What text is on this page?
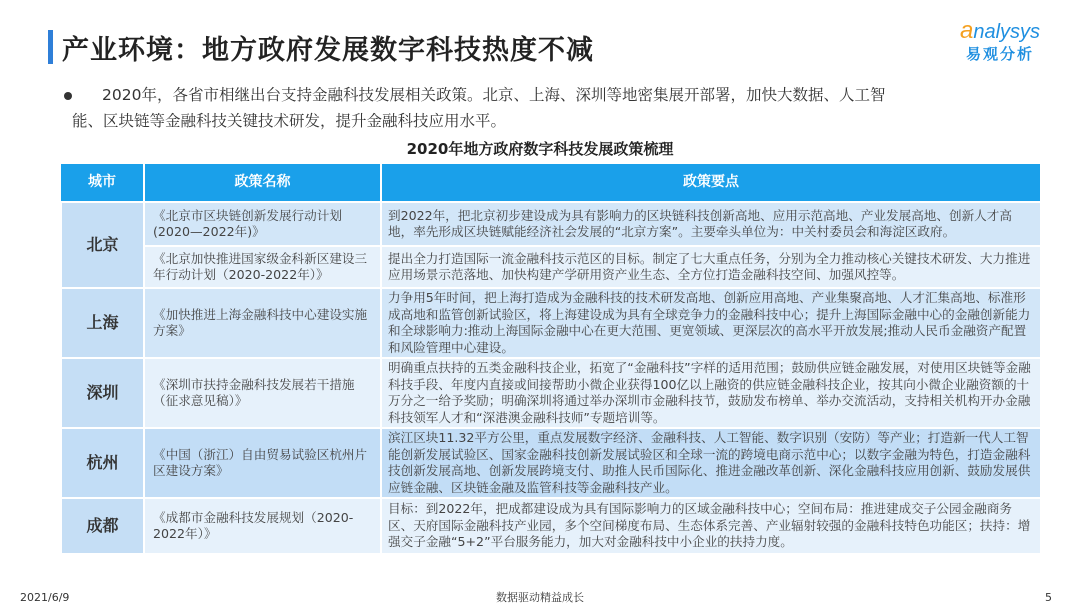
产业环境：地方政府发展数字科技热度不减
analysys
易观分析
2020年，各省市相继出台支持金融科技发展相关政策。北京、上海、深圳等地密集展开部署，加快大数据、人工智
能、区块链等金融科技关键技术研发，提升金融科技应用水平。
2020年地方政府数字科技发展政策梳理
城市	政策名称	政策要点
北京	《北京市区块链创新发展行动计划(2020—2022年)》	到2022年，把北京初步建设成为具有影响力的区块链科技创新高地、应用示范高地、产业发展高地、创新人才高地，率先形成区块链赋能经济社会发展的“北京方案”。主要牵头单位为：中关村委员会和海淀区政府。
	《北京加快推进国家级金科新区建设三年行动计划（2020-2022年）》	提出全力打造国际一流金融科技示范区的目标。制定了七大重点任务，分别为全力推动核心关键技术研发、大力推进应用场景示范落地、加快构建产学研用资产业生态、全方位打造金融科技空间、加强风控等。
上海	《加快推进上海金融科技中心建设实施方案》	力争用5年时间，把上海打造成为金融科技的技术研发高地、创新应用高地、产业集聚高地、人才汇集高地、标准形成高地和监管创新试验区，将上海建设成为具有全球竞争力的金融科技中心；提升上海国际金融中心的金融创新能力和全球影响力:推动上海国际金融中心在更大范围、更宽领域、更深层次的高水平开放发展;推动人民币金融资产配置和风险管理中心建设。
深圳	《深圳市扶持金融科技发展若干措施（征求意见稿）》	明确重点扶持的五类金融科技企业，拓宽了“金融科技”字样的适用范围；鼓励供应链金融发展，对使用区块链等金融科技手段、年度内直接或间接帮助小微企业获得100亿以上融资的供应链金融科技企业，按其向小微企业融资额的十万分之一给予奖励；明确深圳将通过举办深圳市金融科技节，鼓励发布榜单、举办交流活动，支持相关机构开办金融科技领军人才和“深港澳金融科技师”专题培训等。
杭州	《中国（浙江）自由贸易试验区杭州片区建设方案》	滨江区块11.32平方公里，重点发展数字经济、金融科技、人工智能、数字识别（安防）等产业；打造新一代人工智能创新发展试验区、国家金融科技创新发展试验区和全球一流的跨境电商示范中心；以数字金融为特色，打造金融科技创新发展高地、创新发展跨境支付、助推人民币国际化、推进金融改革创新、深化金融科技应用创新、鼓励发展供应链金融、区块链金融及监管科技等金融科技产业。
成都	《成都市金融科技发展规划（2020-2022年）》	目标：到2022年，把成都建设成为具有国际影响力的区域金融科技中心；空间布局：推进建成交子公园金融商务区、天府国际金融科技产业园，多个空间梯度布局、生态体系完善、产业辐射较强的金融科技特色功能区；扶持：增强交子金融“5+2”平台服务能力，加大对金融科技中小企业的扶持力度。
2021/6/9	数据驱动精益成长	5
